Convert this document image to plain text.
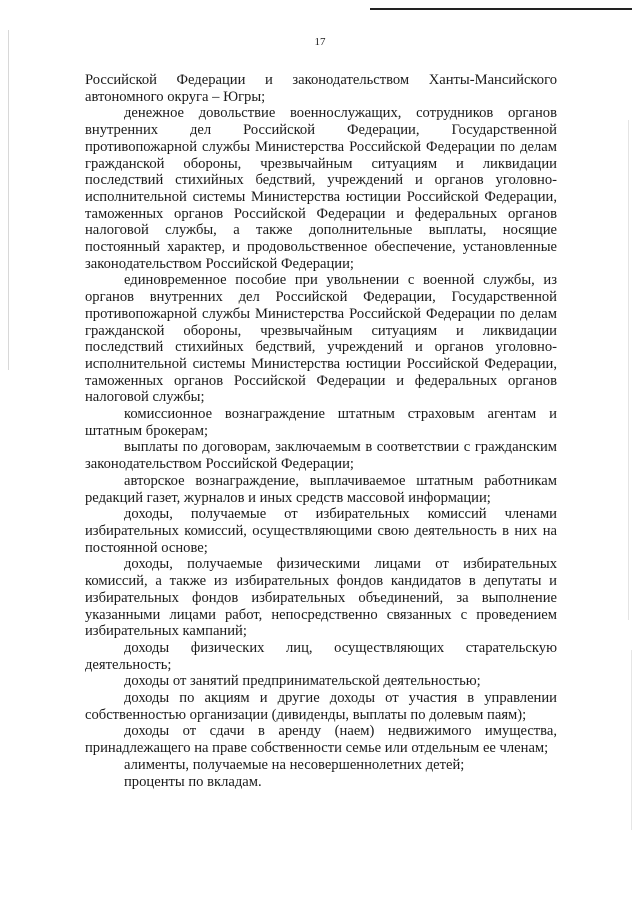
17

Российской Федерации и законодательством Ханты-Мансийского автономного округа – Югры;

денежное довольствие военнослужащих, сотрудников органов внутренних дел Российской Федерации, Государственной противопожарной службы Министерства Российской Федерации по делам гражданской обороны, чрезвычайным ситуациям и ликвидации последствий стихийных бедствий, учреждений и органов уголовно-исполнительной системы Министерства юстиции Российской Федерации, таможенных органов Российской Федерации и федеральных органов налоговой службы, а также дополнительные выплаты, носящие постоянный характер, и продовольственное обеспечение, установленные законодательством Российской Федерации;

единовременное пособие при увольнении с военной службы, из органов внутренних дел Российской Федерации, Государственной противопожарной службы Министерства Российской Федерации по делам гражданской обороны, чрезвычайным ситуациям и ликвидации последствий стихийных бедствий, учреждений и органов уголовно-исполнительной системы Министерства юстиции Российской Федерации, таможенных органов Российской Федерации и федеральных органов налоговой службы;

комиссионное вознаграждение штатным страховым агентам и штатным брокерам;

выплаты по договорам, заключаемым в соответствии с гражданским законодательством Российской Федерации;

авторское вознаграждение, выплачиваемое штатным работникам редакций газет, журналов и иных средств массовой информации;

доходы, получаемые от избирательных комиссий членами избирательных комиссий, осуществляющими свою деятельность в них на постоянной основе;

доходы, получаемые физическими лицами от избирательных комиссий, а также из избирательных фондов кандидатов в депутаты и избирательных фондов избирательных объединений, за выполнение указанными лицами работ, непосредственно связанных с проведением избирательных кампаний;

доходы физических лиц, осуществляющих старательскую деятельность;

доходы от занятий предпринимательской деятельностью;

доходы по акциям и другие доходы от участия в управлении собственностью организации (дивиденды, выплаты по долевым паям);

доходы от сдачи в аренду (наем) недвижимого имущества, принадлежащего на праве собственности семье или отдельным ее членам;

алименты, получаемые на несовершеннолетних детей;

проценты по вкладам.
